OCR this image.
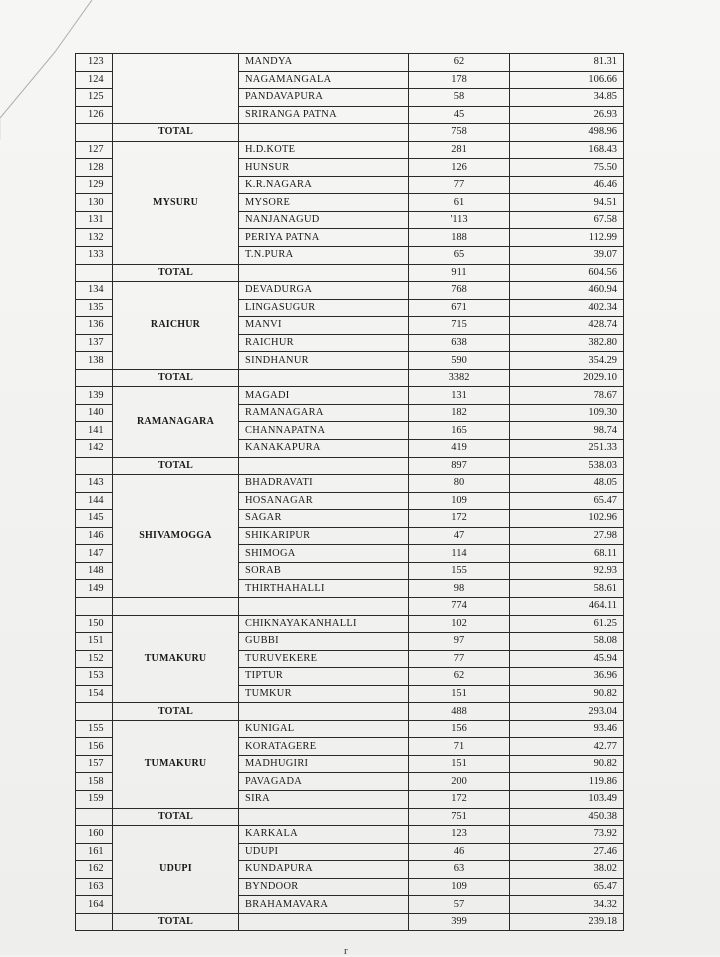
123		MANDYA	62	81.31
124		NAGAMANGALA	178	106.66
125		PANDAVAPURA	58	34.85
126		SRIRANGA PATNA	45	26.93
	TOTAL		758	498.96
127	MYSURU	H.D.KOTE	281	168.43
128		HUNSUR	126	75.50
129		K.R.NAGARA	77	46.46
130		MYSORE	61	94.51
131		NANJANAGUD	'113	67.58
132		PERIYA PATNA	188	112.99
133		T.N.PURA	65	39.07
	TOTAL		911	604.56
134	RAICHUR	DEVADURGA	768	460.94
135		LINGASUGUR	671	402.34
136		MANVI	715	428.74
137		RAICHUR	638	382.80
138		SINDHANUR	590	354.29
	TOTAL		3382	2029.10
139	RAMANAGARA	MAGADI	131	78.67
140		RAMANAGARA	182	109.30
141		CHANNAPATNA	165	98.74
142		KANAKAPURA	419	251.33
	TOTAL		897	538.03
143	SHIVAMOGGA	BHADRAVATI	80	48.05
144		HOSANAGAR	109	65.47
145		SAGAR	172	102.96
146		SHIKARIPUR	47	27.98
147		SHIMOGA	114	68.11
148		SORAB	155	92.93
149		THIRTHAHALLI	98	58.61
			774	464.11
150	TUMAKURU	CHIKNAYAKANHALLI	102	61.25
151		GUBBI	97	58.08
152		TURUVEKERE	77	45.94
153		TIPTUR	62	36.96
154		TUMKUR	151	90.82
	TOTAL		488	293.04
155	TUMAKURU	KUNIGAL	156	93.46
156		KORATAGERE	71	42.77
157		MADHUGIRI	151	90.82
158		PAVAGADA	200	119.86
159		SIRA	172	103.49
	TOTAL		751	450.38
160	UDUPI	KARKALA	123	73.92
161		UDUPI	46	27.46
162		KUNDAPURA	63	38.02
163		BYNDOOR	109	65.47
164		BRAHAMAVARA	57	34.32
	TOTAL		399	239.18
r
